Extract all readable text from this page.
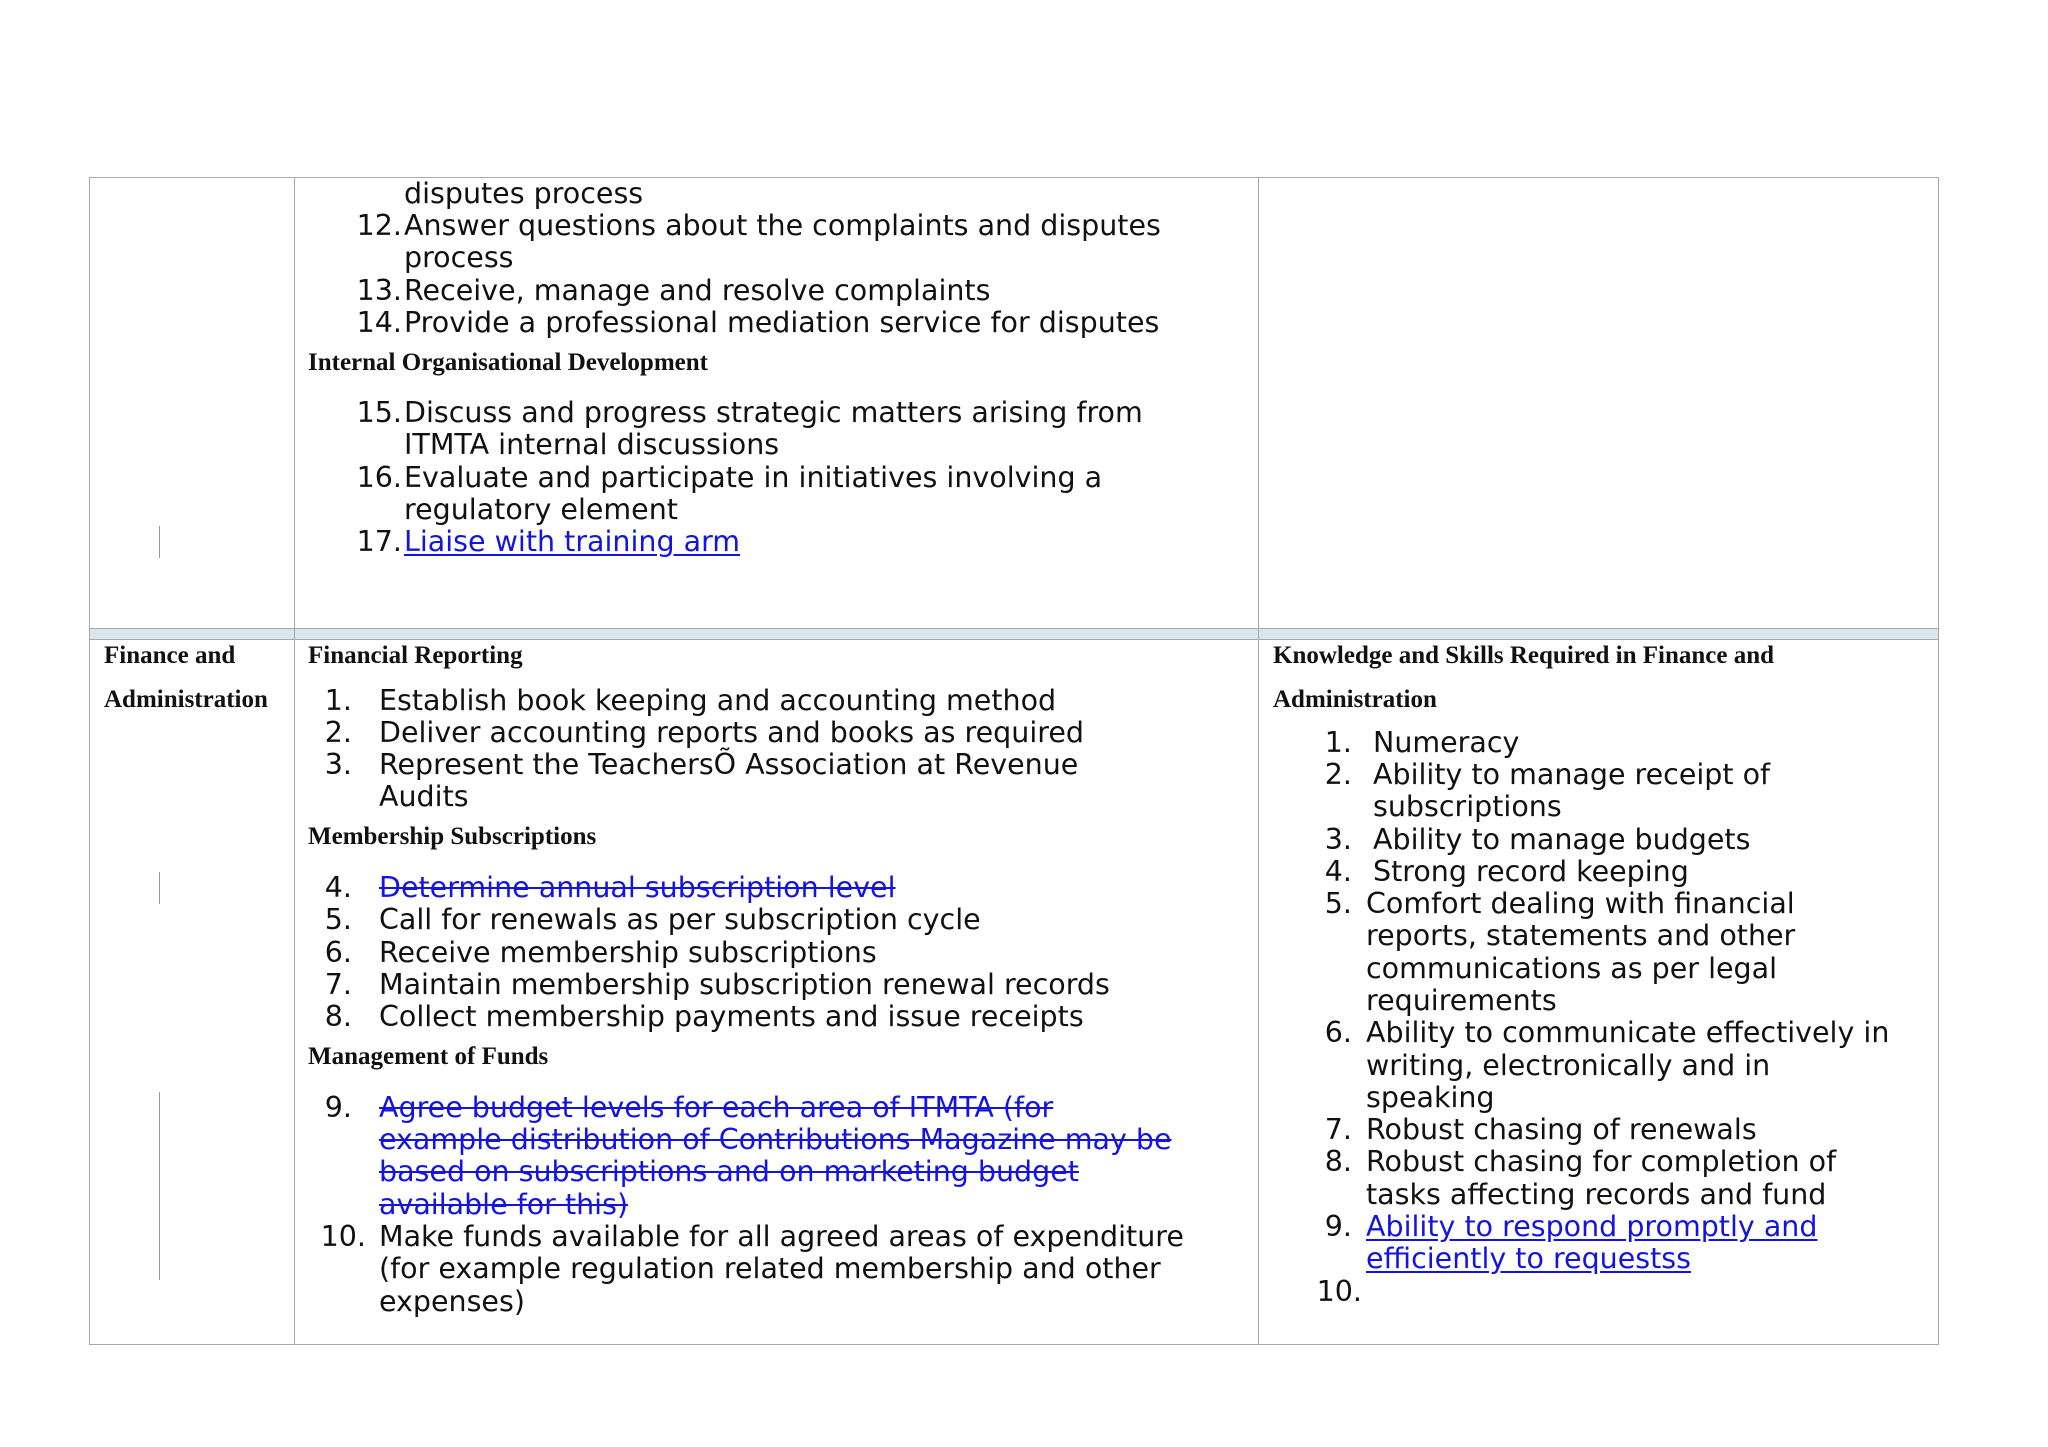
disputes process
12. Answer questions about the complaints and disputes
process
13. Receive, manage and resolve complaints
14. Provide a professional mediation service for disputes
Internal Organisational Development
15. Discuss and progress strategic matters arising from
ITMTA internal discussions
16. Evaluate and participate in initiatives involving a
regulatory element
17. Liaise with training arm
Finance and
Administration
Financial Reporting
1. Establish book keeping and accounting method
2. Deliver accounting reports and books as required
3. Represent the TeachersÕ Association at Revenue
Audits
Membership Subscriptions
4. Determine annual subscription level
5. Call for renewals as per subscription cycle
6. Receive membership subscriptions
7. Maintain membership subscription renewal records
8. Collect membership payments and issue receipts
Management of Funds
9. Agree budget levels for each area of ITMTA (for
example distribution of Contributions Magazine may be
based on subscriptions and on marketing budget
available for this)
10. Make funds available for all agreed areas of expenditure
(for example regulation related membership and other
expenses)
Knowledge and Skills Required in Finance and
Administration
1. Numeracy
2. Ability to manage receipt of
subscriptions
3. Ability to manage budgets
4. Strong record keeping
5. Comfort dealing with financial
reports, statements and other
communications as per legal
requirements
6. Ability to communicate effectively in
writing, electronically and in
speaking
7. Robust chasing of renewals
8. Robust chasing for completion of
tasks affecting records and fund
9. Ability to respond promptly and
efficiently to requestss
10.
